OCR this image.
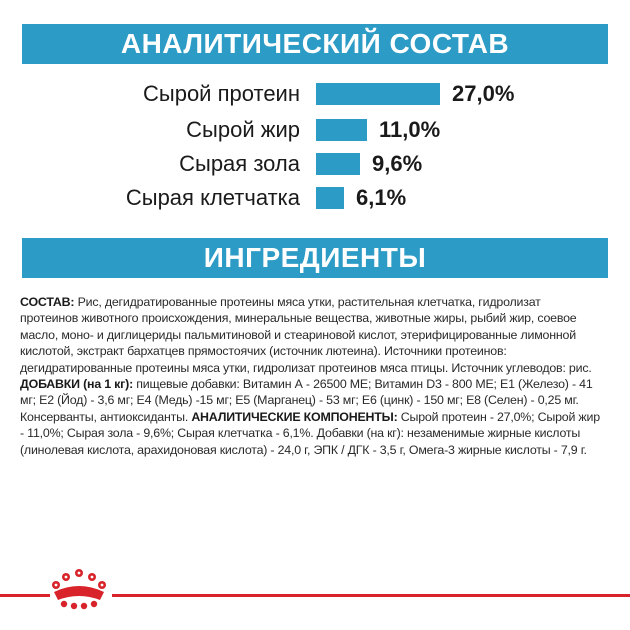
АНАЛИТИЧЕСКИЙ СОСТАВ
Сырой протеин	27,0%
Сырой жир	11,0%
Сырая зола	9,6%
Сырая клетчатка	6,1%
ИНГРЕДИЕНТЫ
СОСТАВ: Рис, дегидратированные протеины мяса утки, растительная клетчатка, гидролизат протеинов животного происхождения, минеральные вещества, животные жиры, рыбий жир, соевое масло, моно- и диглицериды пальмитиновой и стеариновой кислот, этерифицированные лимонной кислотой, экстракт бархатцев прямостоячих (источник лютеина). Источники протеинов: дегидратированные протеины мяса утки, гидролизат протеинов мяса птицы. Источник углеводов: рис. ДОБАВКИ (на 1 кг): пищевые добавки: Витамин А - 26500 МЕ; Витамин D3 - 800 МЕ; Е1 (Железо) - 41 мг; Е2 (Йод) - 3,6 мг; Е4 (Медь) -15 мг; Е5 (Марганец) - 53 мг; Е6 (цинк) - 150 мг; Е8 (Селен) - 0,25 мг. Консерванты, антиоксиданты. АНАЛИТИЧЕСКИЕ КОМПОНЕНТЫ: Сырой протеин - 27,0%; Сырой жир - 11,0%; Сырая зола - 9,6%; Сырая клетчатка - 6,1%. Добавки (на кг): незаменимые жирные кислоты (линолевая кислота, арахидоновая кислота) - 24,0 г, ЭПК / ДГК - 3,5 г, Омега-3 жирные кислоты - 7,9 г.
